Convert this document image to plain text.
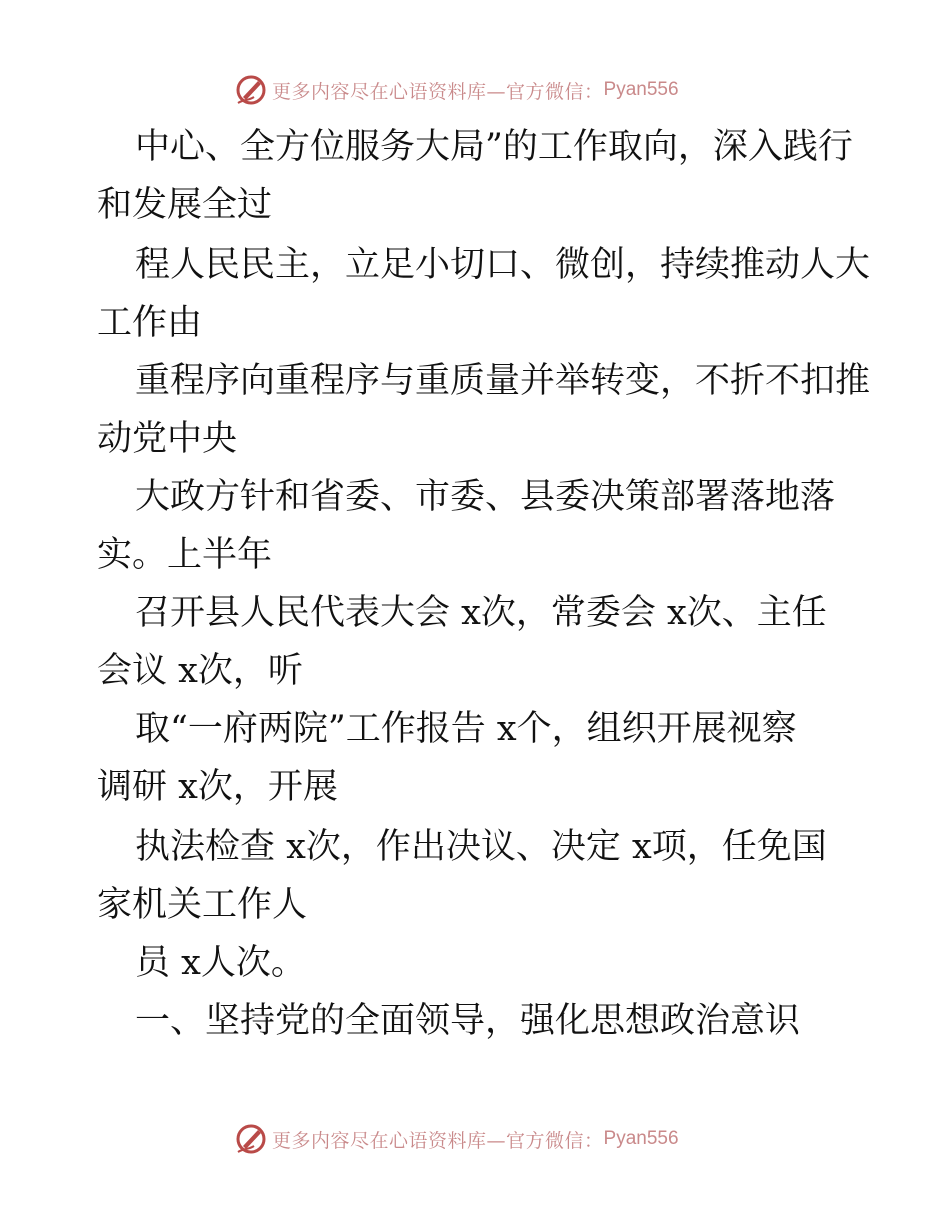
更多内容尽在心语资料库—官方微信： Pyan556
中心、全方位服务大局”的工作取向，深入践行
和发展全过
程人民民主，立足小切口、微创，持续推动人大
工作由
重程序向重程序与重质量并举转变，不折不扣推
动党中央
大政方针和省委、市委、县委决策部署落地落
实。上半年
召开县人民代表大会 x次，常委会 x次、主任
会议 x次，听
取“一府两院”工作报告 x个，组织开展视察
调研 x次，开展
执法检查 x次，作出决议、决定 x项，任免国
家机关工作人
员 x人次。
一、坚持党的全面领导，强化思想政治意识
更多内容尽在心语资料库—官方微信： Pyan556
